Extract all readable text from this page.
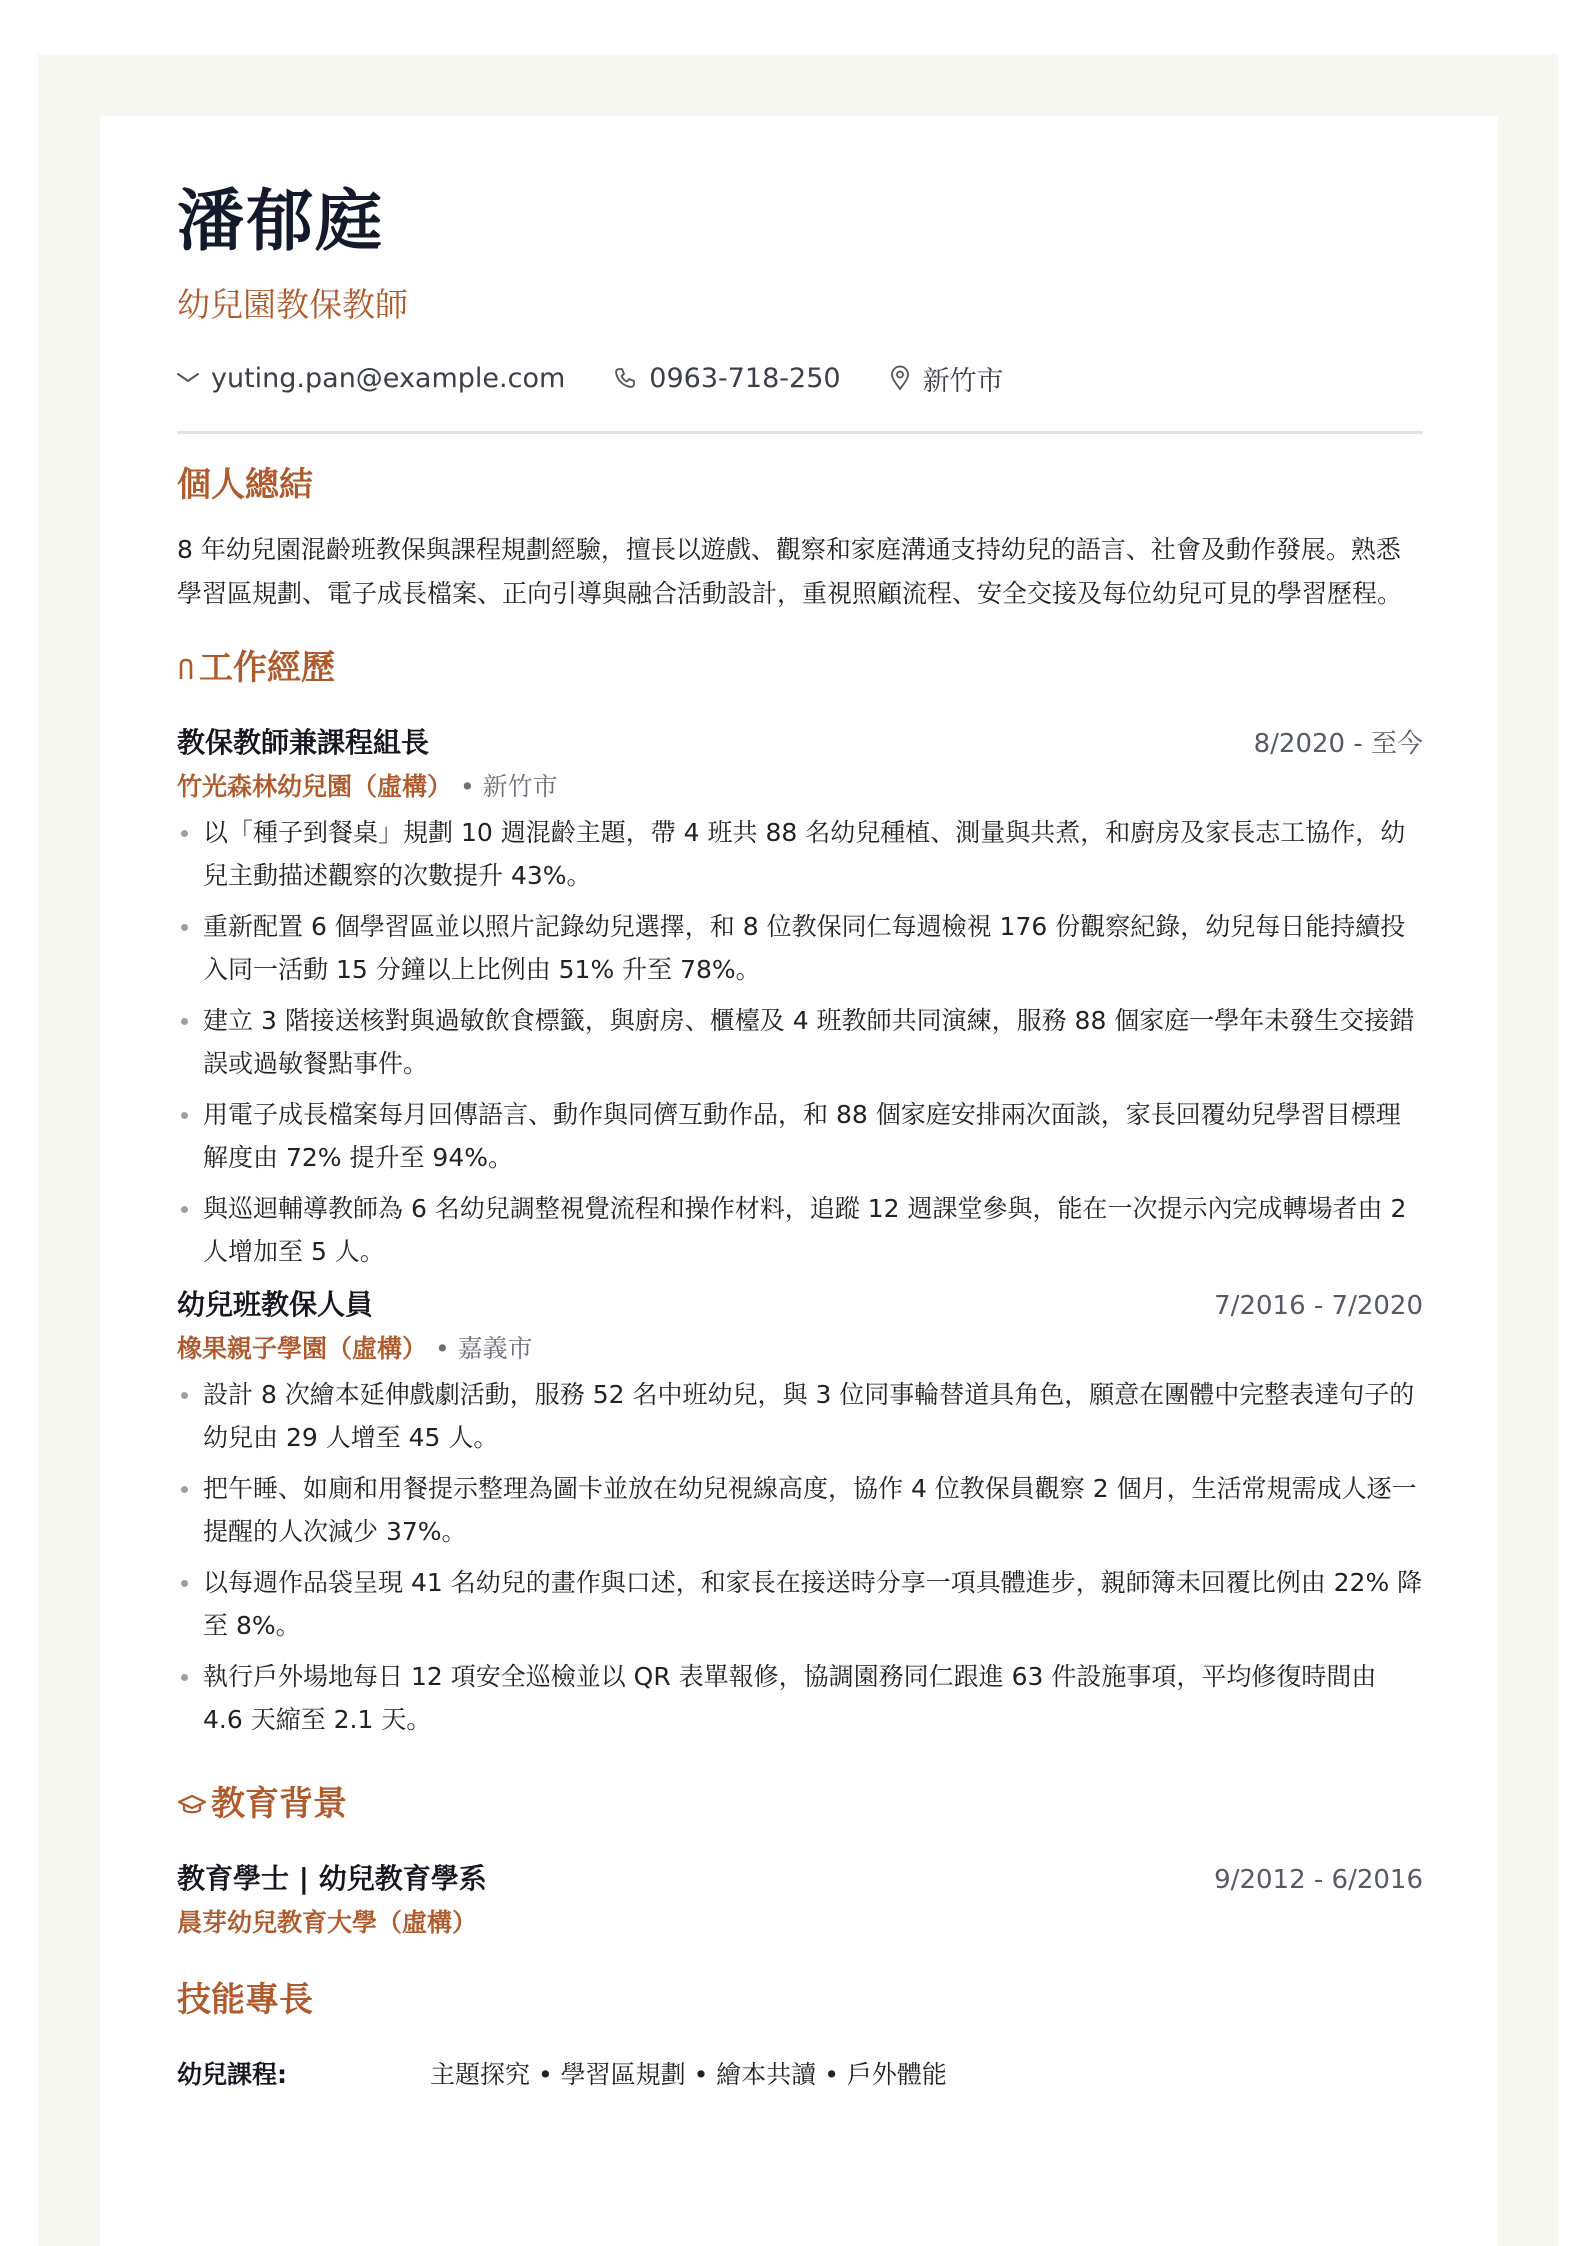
潘郁庭
幼兒園教保教師
yuting.pan@example.com	0963-718-250	新竹市
個人總結
8 年幼兒園混齡班教保與課程規劃經驗，擅長以遊戲、觀察和家庭溝通支持幼兒的語言、社會及動作發展。熟悉學習區規劃、電子成長檔案、正向引導與融合活動設計，重視照顧流程、安全交接及每位幼兒可見的學習歷程。
工作經歷
教保教師兼課程組長	8/2020 - 至今
竹光森林幼兒園（虛構） • 新竹市
以「種子到餐桌」規劃 10 週混齡主題，帶 4 班共 88 名幼兒種植、測量與共煮，和廚房及家長志工協作，幼兒主動描述觀察的次數提升 43%。
重新配置 6 個學習區並以照片記錄幼兒選擇，和 8 位教保同仁每週檢視 176 份觀察紀錄，幼兒每日能持續投入同一活動 15 分鐘以上比例由 51% 升至 78%。
建立 3 階接送核對與過敏飲食標籤，與廚房、櫃檯及 4 班教師共同演練，服務 88 個家庭一學年未發生交接錯誤或過敏餐點事件。
用電子成長檔案每月回傳語言、動作與同儕互動作品，和 88 個家庭安排兩次面談，家長回覆幼兒學習目標理解度由 72% 提升至 94%。
與巡迴輔導教師為 6 名幼兒調整視覺流程和操作材料，追蹤 12 週課堂參與，能在一次提示內完成轉場者由 2 人增加至 5 人。
幼兒班教保人員	7/2016 - 7/2020
橡果親子學園（虛構） • 嘉義市
設計 8 次繪本延伸戲劇活動，服務 52 名中班幼兒，與 3 位同事輪替道具角色，願意在團體中完整表達句子的幼兒由 29 人增至 45 人。
把午睡、如廁和用餐提示整理為圖卡並放在幼兒視線高度，協作 4 位教保員觀察 2 個月，生活常規需成人逐一提醒的人次減少 37%。
以每週作品袋呈現 41 名幼兒的畫作與口述，和家長在接送時分享一項具體進步，親師簿未回覆比例由 22% 降至 8%。
執行戶外場地每日 12 項安全巡檢並以 QR 表單報修，協調園務同仁跟進 63 件設施事項，平均修復時間由 4.6 天縮至 2.1 天。
教育背景
教育學士 | 幼兒教育學系	9/2012 - 6/2016
晨芽幼兒教育大學（虛構）
技能專長
幼兒課程:	主題探究 • 學習區規劃 • 繪本共讀 • 戶外體能
